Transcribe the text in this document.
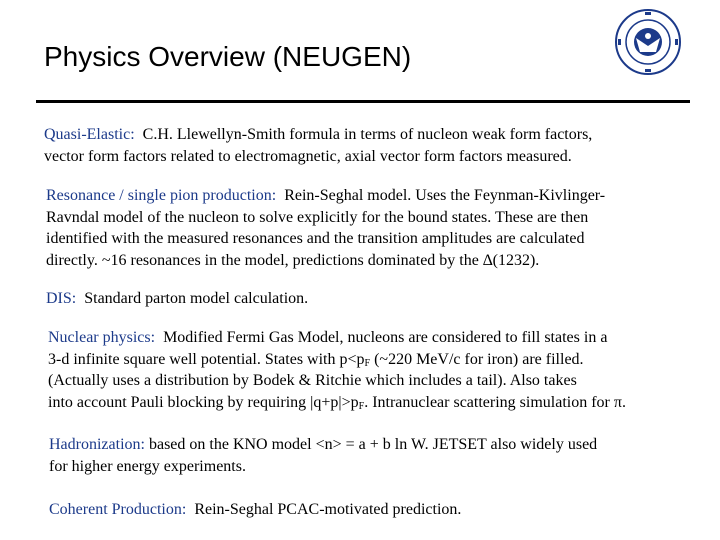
Physics Overview (NEUGEN)

Quasi-Elastic: C.H. Llewellyn-Smith formula in terms of nucleon weak form factors,
vector form factors related to electromagnetic, axial vector form factors measured.

Resonance / single pion production: Rein-Seghal model. Uses the Feynman-Kivlinger-
Ravndal model of the nucleon to solve explicitly for the bound states. These are then
identified with the measured resonances and the transition amplitudes are calculated
directly. ~16 resonances in the model, predictions dominated by the ∆(1232).

DIS: Standard parton model calculation.

Nuclear physics: Modified Fermi Gas Model, nucleons are considered to fill states in a
3-d infinite square well potential. States with $p<p_F$ (~220 MeV/c for iron) are filled.
(Actually uses a distribution by Bodek & Ritchie which includes a tail). Also takes
into account Pauli blocking by requiring $|q+p|>p_F$. Intranuclear scattering simulation for π.

Hadronization: based on the KNO model <n> = a + b ln W. JETSET also widely used
for higher energy experiments.

Coherent Production: Rein-Seghal PCAC-motivated prediction.
